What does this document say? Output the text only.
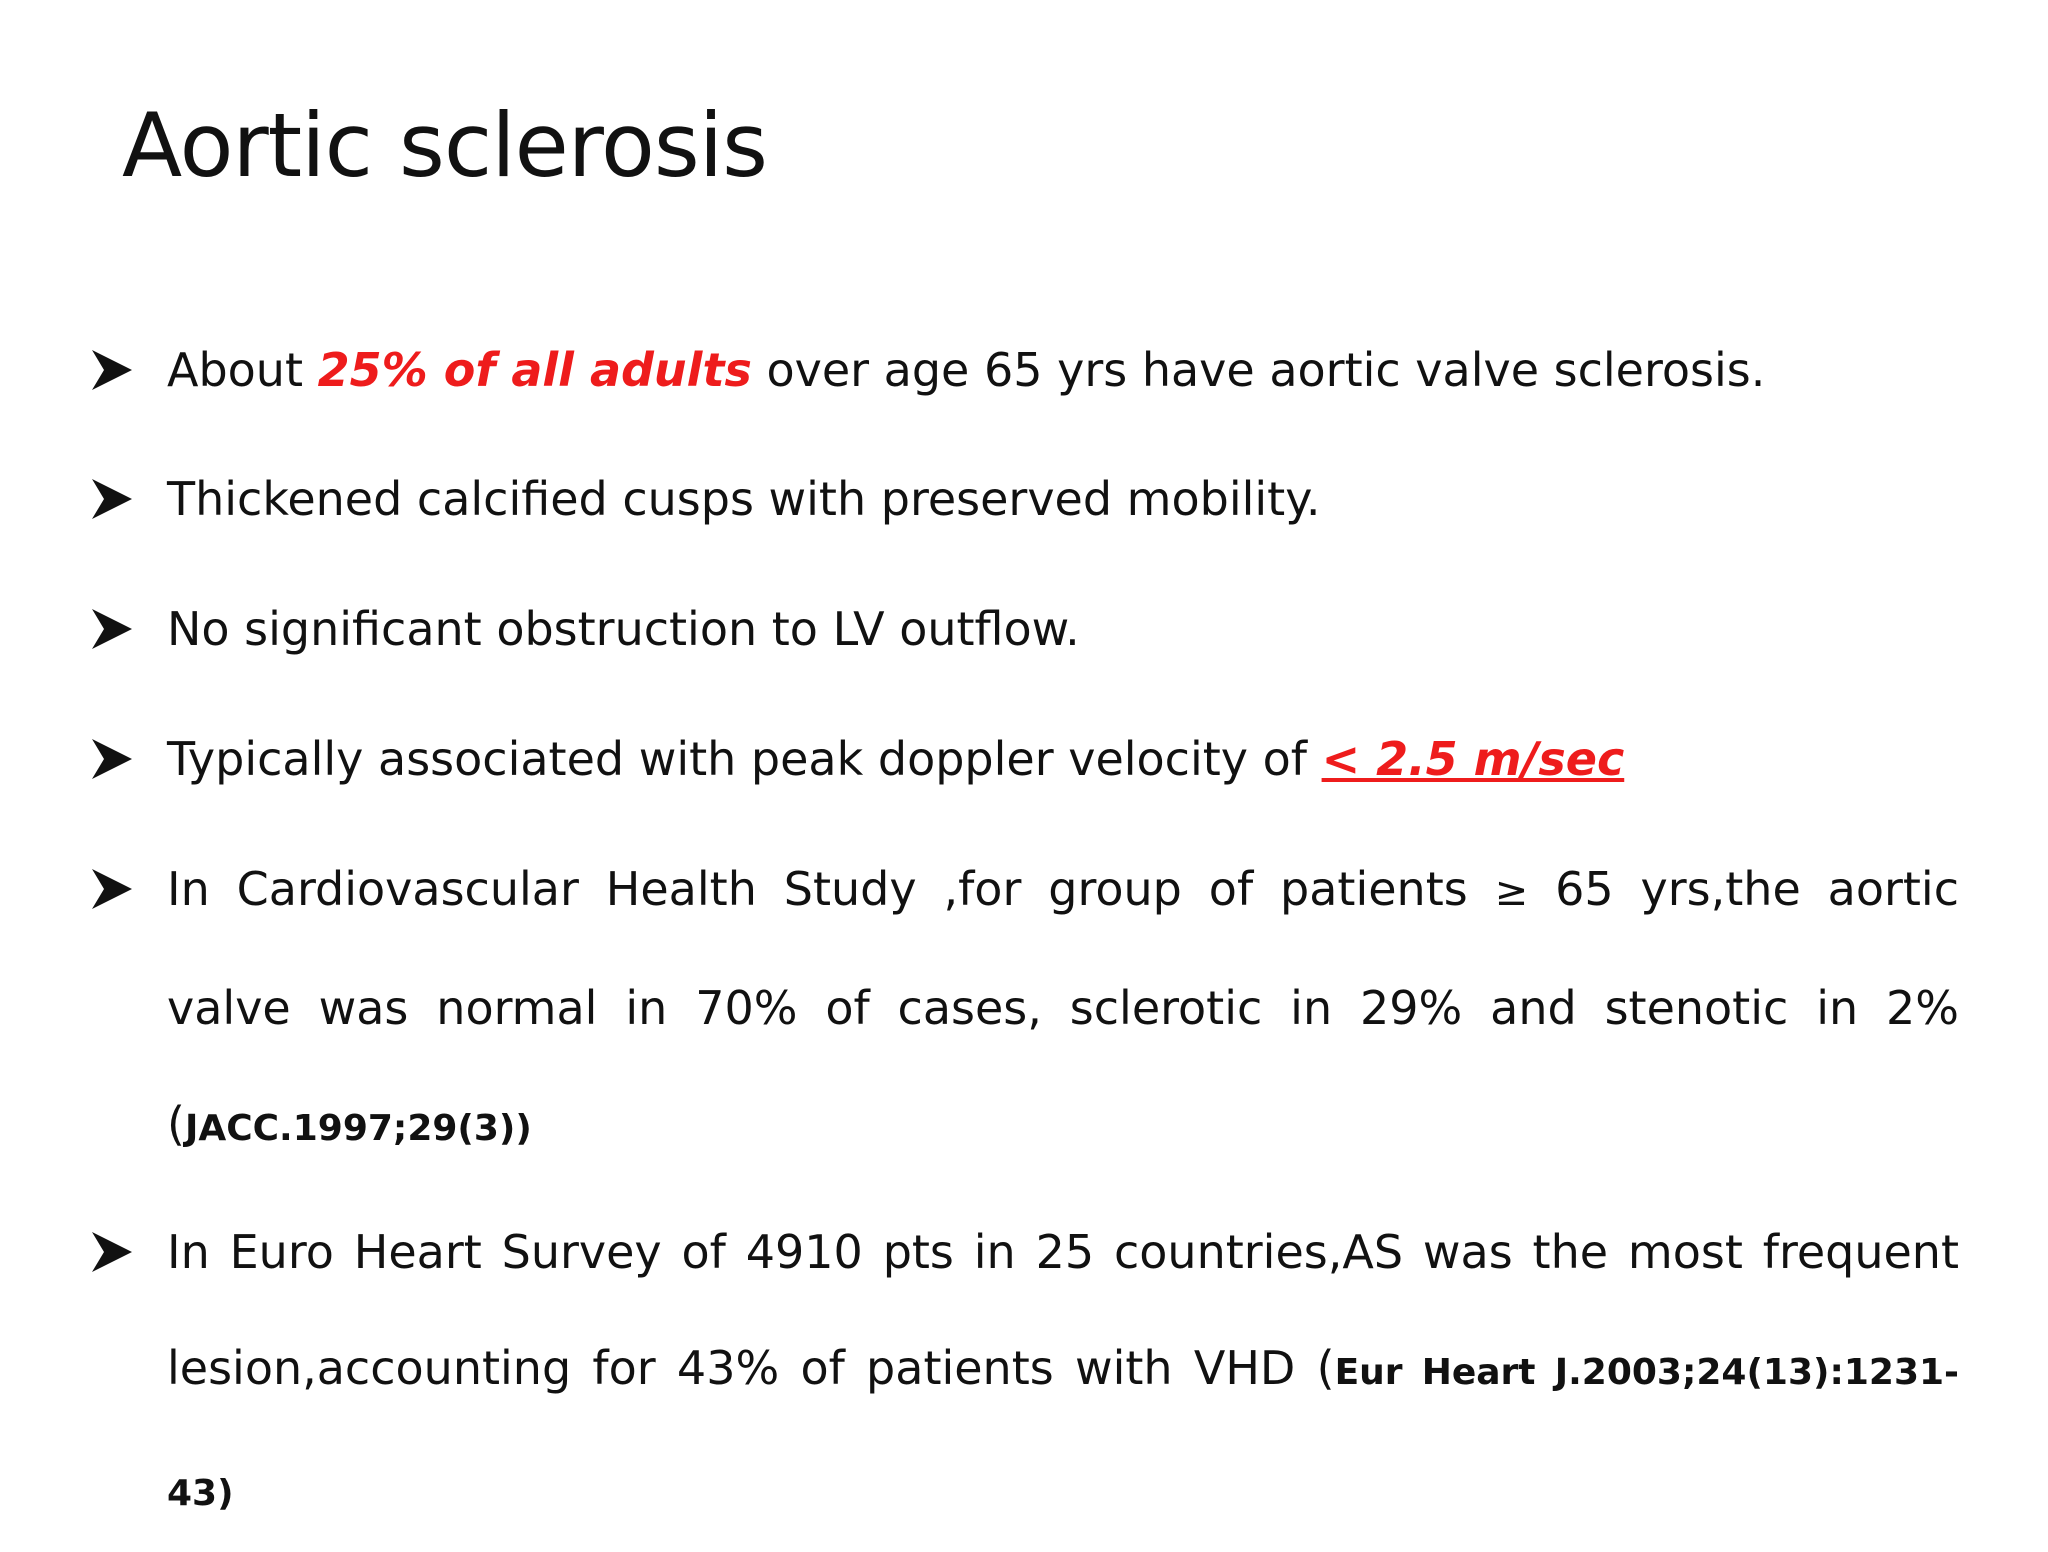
Aortic sclerosis
About 25% of all adults over age 65 yrs have aortic valve sclerosis.
Thickened calcified cusps with preserved mobility.
No significant obstruction to LV outflow.
Typically associated with peak doppler velocity of < 2.5 m/sec
In Cardiovascular Health Study ,for group of patients ≥ 65 yrs,the aortic valve was normal in 70% of cases, sclerotic in 29% and stenotic in 2% (JACC.1997;29(3))
In Euro Heart Survey of 4910 pts in 25 countries,AS was the most frequent lesion,accounting for 43% of patients with VHD (Eur Heart J.2003;24(13):1231-43)
